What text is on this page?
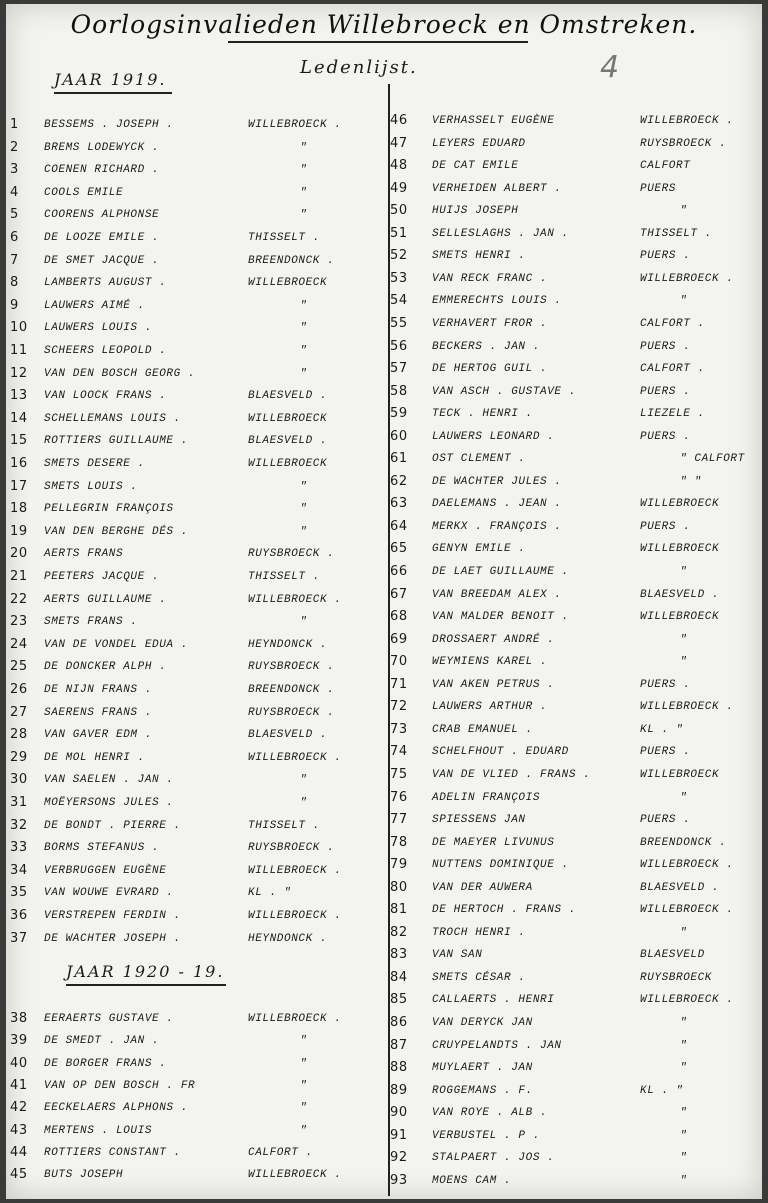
Oorlogsinvalieden Willebroeck en Omstreken.
Ledenlijst.	4
JAAR 1919.
JAAR 1920 - 19.
1 BESSEMS . JOSEPH .	WILLEBROECK .
2 BREMS LODEWYCK .	"
3 COENEN RICHARD .	"
4 COOLS EMILE	"
5 COORENS ALPHONSE	"
6 DE LOOZE EMILE .	THISSELT .
7 DE SMET JACQUE .	BREENDONCK .
8 LAMBERTS AUGUST .	WILLEBROECK
9 LAUWERS AIMÉ .	"
10 LAUWERS LOUIS .	"
11 SCHEERS LEOPOLD .	"
12 VAN DEN BOSCH GEORG .	"
13 VAN LOOCK FRANS .	BLAESVELD .
14 SCHELLEMANS LOUIS .	WILLEBROECK
15 ROTTIERS GUILLAUME .	BLAESVELD .
16 SMETS DESERE .	WILLEBROECK
17 SMETS LOUIS .	"
18 PELLEGRIN FRANÇOIS	"
19 VAN DEN BERGHE DÉS .	"
20 AERTS FRANS	RUYSBROECK .
21 PEETERS JACQUE .	THISSELT .
22 AERTS GUILLAUME .	WILLEBROECK .
23 SMETS FRANS .	"
24 VAN DE VONDEL EDUA .	HEYNDONCK .
25 DE DONCKER ALPH .	RUYSBROECK .
26 DE NIJN FRANS .	BREENDONCK .
27 SAERENS FRANS .	RUYSBROECK .
28 VAN GAVER EDM .	BLAESVELD .
29 DE MOL HENRI .	WILLEBROECK .
30 VAN SAELEN . JAN .	"
31 MOËYERSONS JULES .	"
32 DE BONDT . PIERRE .	THISSELT .
33 BORMS STEFANUS .	RUYSBROECK .
34 VERBRUGGEN EUGÈNE	WILLEBROECK .
35 VAN WOUWE EVRARD .	KL . "
36 VERSTREPEN FERDIN .	WILLEBROECK .
37 DE WACHTER JOSEPH .	HEYNDONCK .
38 EERAERTS GUSTAVE .	WILLEBROECK .
39 DE SMEDT . JAN .	"
40 DE BORGER FRANS .	"
41 VAN OP DEN BOSCH . FR	"
42 EECKELAERS ALPHONS .	"
43 MERTENS . LOUIS	"
44 ROTTIERS CONSTANT .	CALFORT .
45 BUTS JOSEPH	WILLEBROECK .
46 VERHASSELT EUGÈNE	WILLEBROECK .
47 LEYERS EDUARD	RUYSBROECK .
48 DE CAT EMILE	CALFORT
49 VERHEIDEN ALBERT .	PUERS
50 HUIJS JOSEPH	"
51 SELLESLAGHS . JAN .	THISSELT .
52 SMETS HENRI .	PUERS .
53 VAN RECK FRANC .	WILLEBROECK .
54 EMMERECHTS LOUIS .	"
55 VERHAVERT FROR .	CALFORT .
56 BECKERS . JAN .	PUERS .
57 DE HERTOG GUIL .	CALFORT .
58 VAN ASCH . GUSTAVE .	PUERS .
59 TECK . HENRI .	LIEZELE .
60 LAUWERS LEONARD .	PUERS .
61 OST CLEMENT .	" CALFORT
62 DE WACHTER JULES .	" "
63 DAELEMANS . JEAN .	WILLEBROECK
64 MERKX . FRANÇOIS .	PUERS .
65 GENYN EMILE .	WILLEBROECK
66 DE LAET GUILLAUME .	"
67 VAN BREEDAM ALEX .	BLAESVELD .
68 VAN MALDER BENOIT .	WILLEBROECK
69 DROSSAERT ANDRÉ .	"
70 WEYMIENS KAREL .	"
71 VAN AKEN PETRUS .	PUERS .
72 LAUWERS ARTHUR .	WILLEBROECK .
73 CRAB EMANUEL .	KL . "
74 SCHELFHOUT . EDUARD	PUERS .
75 VAN DE VLIED . FRANS .	WILLEBROECK
76 ADELIN FRANÇOIS	"
77 SPIESSENS JAN	PUERS .
78 DE MAEYER LIVUNUS	BREENDONCK .
79 NUTTENS DOMINIQUE .	WILLEBROECK .
80 VAN DER AUWERA	BLAESVELD .
81 DE HERTOCH . FRANS .	WILLEBROECK .
82 TROCH HENRI .	"
83 VAN SAN	BLAESVELD
84 SMETS CÉSAR .	RUYSBROECK
85 CALLAERTS . HENRI	WILLEBROECK .
86 VAN DERYCK JAN	"
87 CRUYPELANDTS . JAN	"
88 MUYLAERT . JAN	"
89 ROGGEMANS . F.	KL . "
90 VAN ROYE . ALB .	"
91 VERBUSTEL . P .	"
92 STALPAERT . JOS .	"
93 MOENS CAM .	"
